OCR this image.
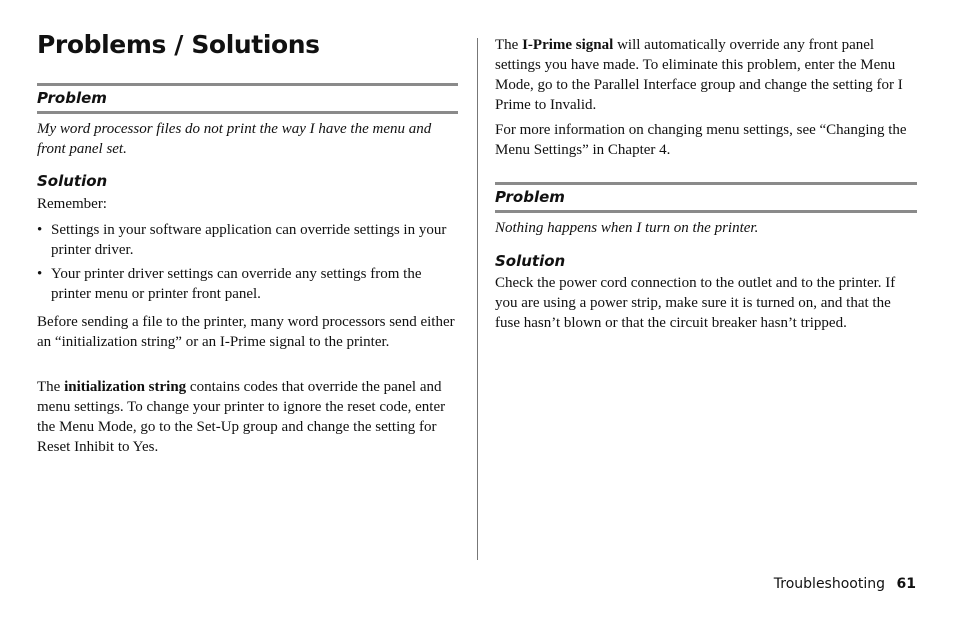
Problems / Solutions

Problem

My word processor files do not print the way I have the menu and front panel set.

Solution

Remember:

• Settings in your software application can override settings in your printer driver.
• Your printer driver settings can override any settings from the printer menu or printer front panel.

Before sending a file to the printer, many word processors send either an “initialization string” or an I-Prime signal to the printer.

The initialization string contains codes that override the panel and menu settings. To change your printer to ignore the reset code, enter the Menu Mode, go to the Set-Up group and change the setting for Reset Inhibit to Yes.

The I-Prime signal will automatically override any front panel settings you have made. To eliminate this problem, enter the Menu Mode, go to the Parallel Interface group and change the setting for I Prime to Invalid.

For more information on changing menu settings, see “Changing the Menu Settings” in Chapter 4.

Problem

Nothing happens when I turn on the printer.

Solution

Check the power cord connection to the outlet and to the printer. If you are using a power strip, make sure it is turned on, and that the fuse hasn’t blown or that the circuit breaker hasn’t tripped.

Troubleshooting 61
